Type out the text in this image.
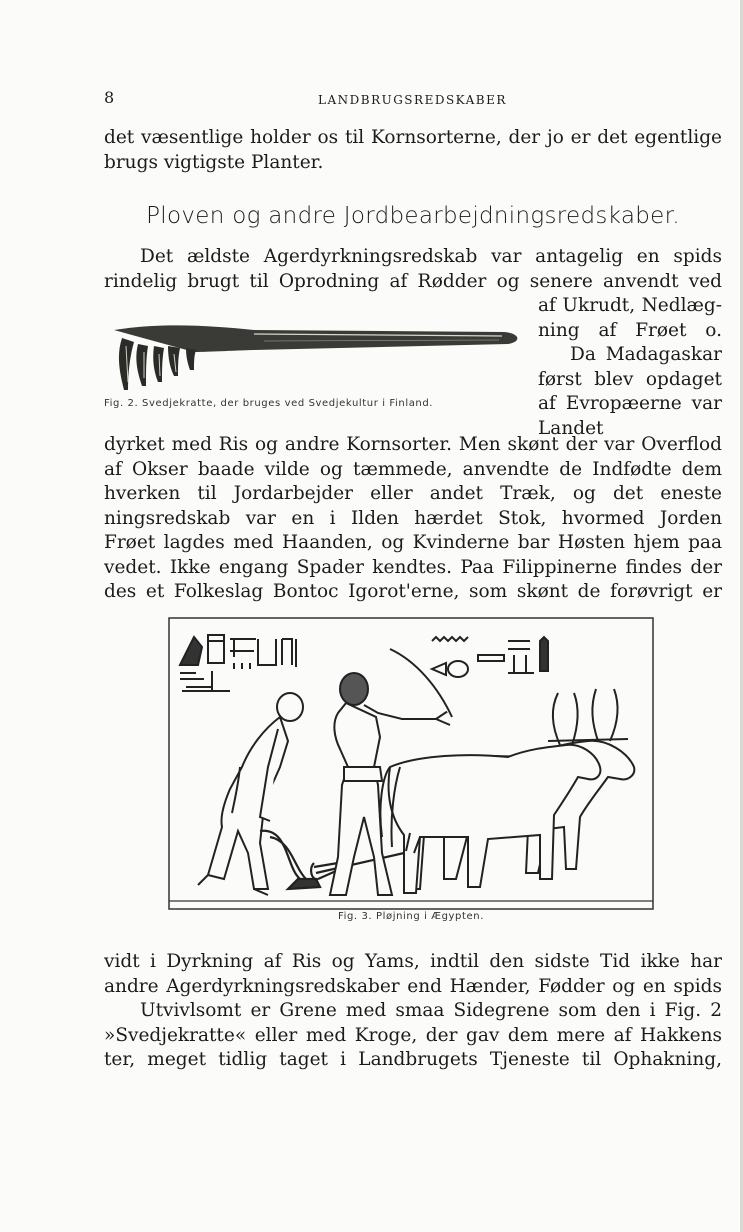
8	LANDBRUGSREDSKABER
det væsentlige holder os til Kornsorterne, der jo er det egentlige
brugs vigtigste Planter.
Ploven og andre Jordbearbejdningsredskaber.
Det ældste Agerdyrkningsredskab var antagelig en spids
rindelig brugt til Oprodning af Rødder og senere anvendt ved
af Ukrudt, Nedlæg-
ning af Frøet o.
Da Madagaskar
først blev opdaget
af Evropæerne var
Landet
Fig. 2. Svedjekratte, der bruges ved Svedjekultur i Finland.
dyrket med Ris og andre Kornsorter. Men skønt der var Overflod
af Okser baade vilde og tæmmede, anvendte de Indfødte dem
hverken til Jordarbejder eller andet Træk, og det eneste
ningsredskab var en i Ilden hærdet Stok, hvormed Jorden
Frøet lagdes med Haanden, og Kvinderne bar Høsten hjem paa
vedet. Ikke engang Spader kendtes. Paa Filippinerne findes der
des et Folkeslag Bontoc Igorot'erne, som skønt de forøvrigt er
Fig. 3. Pløjning i Ægypten.
vidt i Dyrkning af Ris og Yams, indtil den sidste Tid ikke har
andre Agerdyrkningsredskaber end Hænder, Fødder og en spids
Utvivlsomt er Grene med smaa Sidegrene som den i Fig. 2
»Svedjekratte« eller med Kroge, der gav dem mere af Hakkens
ter, meget tidlig taget i Landbrugets Tjeneste til Ophakning,
